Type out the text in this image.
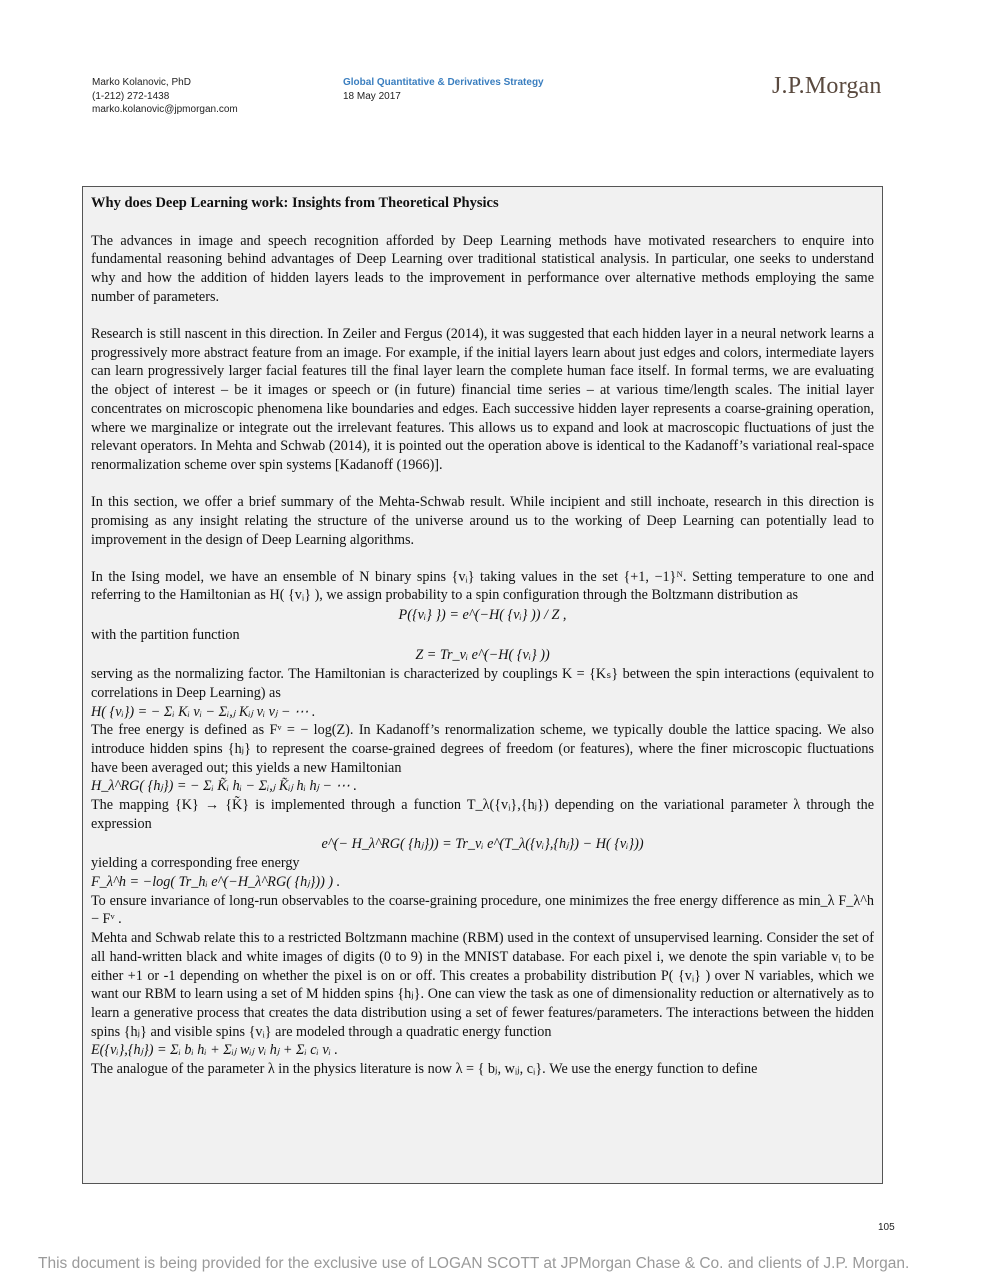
Marko Kolanovic, PhD
(1-212) 272-1438
marko.kolanovic@jpmorgan.com
Global Quantitative & Derivatives Strategy
18 May 2017	J.P.Morgan
Why does Deep Learning work: Insights from Theoretical Physics

The advances in image and speech recognition afforded by Deep Learning methods have motivated researchers to enquire into fundamental reasoning behind advantages of Deep Learning over traditional statistical analysis. In particular, one seeks to understand why and how the addition of hidden layers leads to the improvement in performance over alternative methods employing the same number of parameters.

Research is still nascent in this direction. In Zeiler and Fergus (2014), it was suggested that each hidden layer in a neural network learns a progressively more abstract feature from an image. For example, if the initial layers learn about just edges and colors, intermediate layers can learn progressively larger facial features till the final layer learn the complete human face itself. In formal terms, we are evaluating the object of interest – be it images or speech or (in future) financial time series – at various time/length scales. The initial layer concentrates on microscopic phenomena like boundaries and edges. Each successive hidden layer represents a coarse-graining operation, where we marginalize or integrate out the irrelevant features. This allows us to expand and look at macroscopic fluctuations of just the relevant operators. In Mehta and Schwab (2014), it is pointed out the operation above is identical to the Kadanoff’s variational real-space renormalization scheme over spin systems [Kadanoff (1966)].

In this section, we offer a brief summary of the Mehta-Schwab result. While incipient and still inchoate, research in this direction is promising as any insight relating the structure of the universe around us to the working of Deep Learning can potentially lead to improvement in the design of Deep Learning algorithms.

In the Ising model, we have an ensemble of N binary spins {vᵢ} taking values in the set {+1, −1}ᴺ. Setting temperature to one and referring to the Hamiltonian as H( {vᵢ} ), we assign probability to a spin configuration through the Boltzmann distribution as
P({vᵢ} }) = e^(−H( {vᵢ} )) / Z ,
with the partition function
Z = Tr_vᵢ e^(−H( {vᵢ} ))
serving as the normalizing factor. The Hamiltonian is characterized by couplings K = {Kₛ} between the spin interactions (equivalent to correlations in Deep Learning) as
H( {vᵢ}) = − Σᵢ Kᵢ vᵢ − Σᵢ,ⱼ Kᵢⱼ vᵢ vⱼ − ⋯ .
The free energy is defined as Fᵛ = − log(Z). In Kadanoff’s renormalization scheme, we typically double the lattice spacing. We also introduce hidden spins {hⱼ} to represent the coarse-grained degrees of freedom (or features), where the finer microscopic fluctuations have been averaged out; this yields a new Hamiltonian
H_λ^RG( {hⱼ}) = − Σᵢ K̃ᵢ hᵢ − Σᵢ,ⱼ K̃ᵢⱼ hᵢ hⱼ − ⋯ .
The mapping {K} → {K̃} is implemented through a function T_λ({vᵢ},{hⱼ}) depending on the variational parameter λ through the expression
e^(− H_λ^RG( {hⱼ})) = Tr_vᵢ e^(T_λ({vᵢ},{hⱼ}) − H( {vᵢ}))
yielding a corresponding free energy
F_λ^h = −log( Tr_hᵢ e^(−H_λ^RG( {hⱼ})) ) .
To ensure invariance of long-run observables to the coarse-graining procedure, one minimizes the free energy difference as min_λ F_λ^h − Fᵛ .
Mehta and Schwab relate this to a restricted Boltzmann machine (RBM) used in the context of unsupervised learning. Consider the set of all hand-written black and white images of digits (0 to 9) in the MNIST database. For each pixel i, we denote the spin variable vᵢ to be either +1 or -1 depending on whether the pixel is on or off. This creates a probability distribution P( {vᵢ} ) over N variables, which we want our RBM to learn using a set of M hidden spins {hⱼ}. One can view the task as one of dimensionality reduction or alternatively as to learn a generative process that creates the data distribution using a set of fewer features/parameters. The interactions between the hidden spins {hⱼ} and visible spins {vᵢ} are modeled through a quadratic energy function
E({vᵢ},{hⱼ}) = Σᵢ bᵢ hᵢ + Σᵢⱼ wᵢⱼ vᵢ hⱼ + Σᵢ cᵢ vᵢ .
The analogue of the parameter λ in the physics literature is now λ = { bⱼ, wᵢⱼ, cᵢ}. We use the energy function to define
105
This document is being provided for the exclusive use of LOGAN SCOTT at JPMorgan Chase & Co. and clients of J.P. Morgan.
